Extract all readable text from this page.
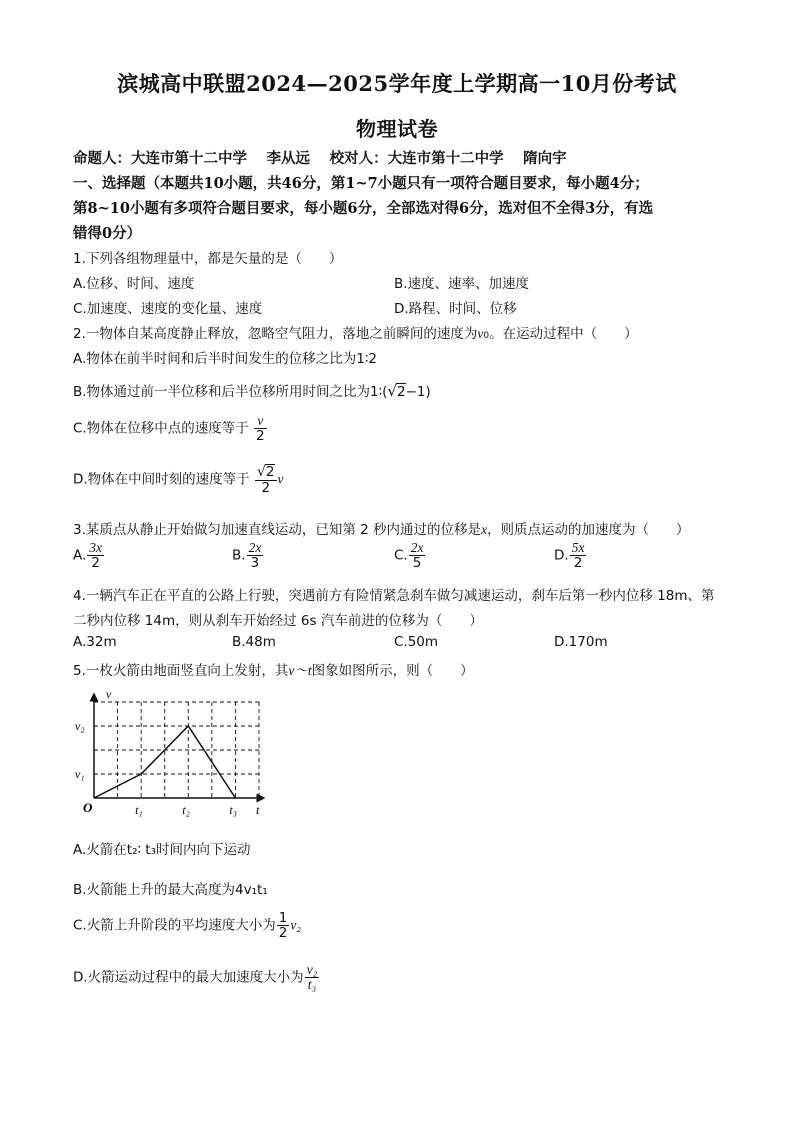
滨城高中联盟2024—2025学年度上学期高一10月份考试
物理试卷
命题人：大连市第十二中学　 李从远　 校对人：大连市第十二中学　 隋向宇
一、选择题（本题共10小题，共46分，第1~7小题只有一项符合题目要求，每小题4分；
第8~10小题有多项符合题目要求，每小题6分，全部选对得6分，选对但不全得3分，有选
错得0分）
1.下列各组物理量中，都是矢量的是（　　）
A.位移、时间、速度	B.速度、速率、加速度
C.加速度、速度的变化量、速度	D.路程、时间、位移
2.一物体自某高度静止释放，忽略空气阻力，落地之前瞬间的速度为v0。在运动过程中（　　）
A.物体在前半时间和后半时间发生的位移之比为1∶2
B.物体通过前一半位移和后半位移所用时间之比为1∶(√2−1)
C.物体在位移中点的速度等于 $\frac{v}{2}$
D.物体在中间时刻的速度等于 $\frac{√2}{2}$ v
3.某质点从静止开始做匀加速直线运动，已知第 2 秒内通过的位移是x，则质点运动的加速度为（　　）
A. $\frac{3x}{2}$	B. $\frac{2x}{3}$	C. $\frac{2x}{5}$	D. $\frac{5x}{2}$
4.一辆汽车正在平直的公路上行驶，突遇前方有险情紧急刹车做匀减速运动，刹车后第一秒内位移 18m、第
二秒内位移 14m，则从刹车开始经过 6s 汽车前进的位移为（　　）
A.32m	B.48m	C.50m	D.170m
5.一枚火箭由地面竖直向上发射，其v～t图象如图所示，则（　　）
v
t
O	t₁	t₂	t₃
v₁
v₂
A.火箭在t₂∶ t₃时间内向下运动
B.火箭能上升的最大高度为4v₁t₁
C.火箭上升阶段的平均速度大小为 $\frac{1}{2} v_2$
D.火箭运动过程中的最大加速度大小为 $\frac{\text{v₂}}{\text{t₃}}$
